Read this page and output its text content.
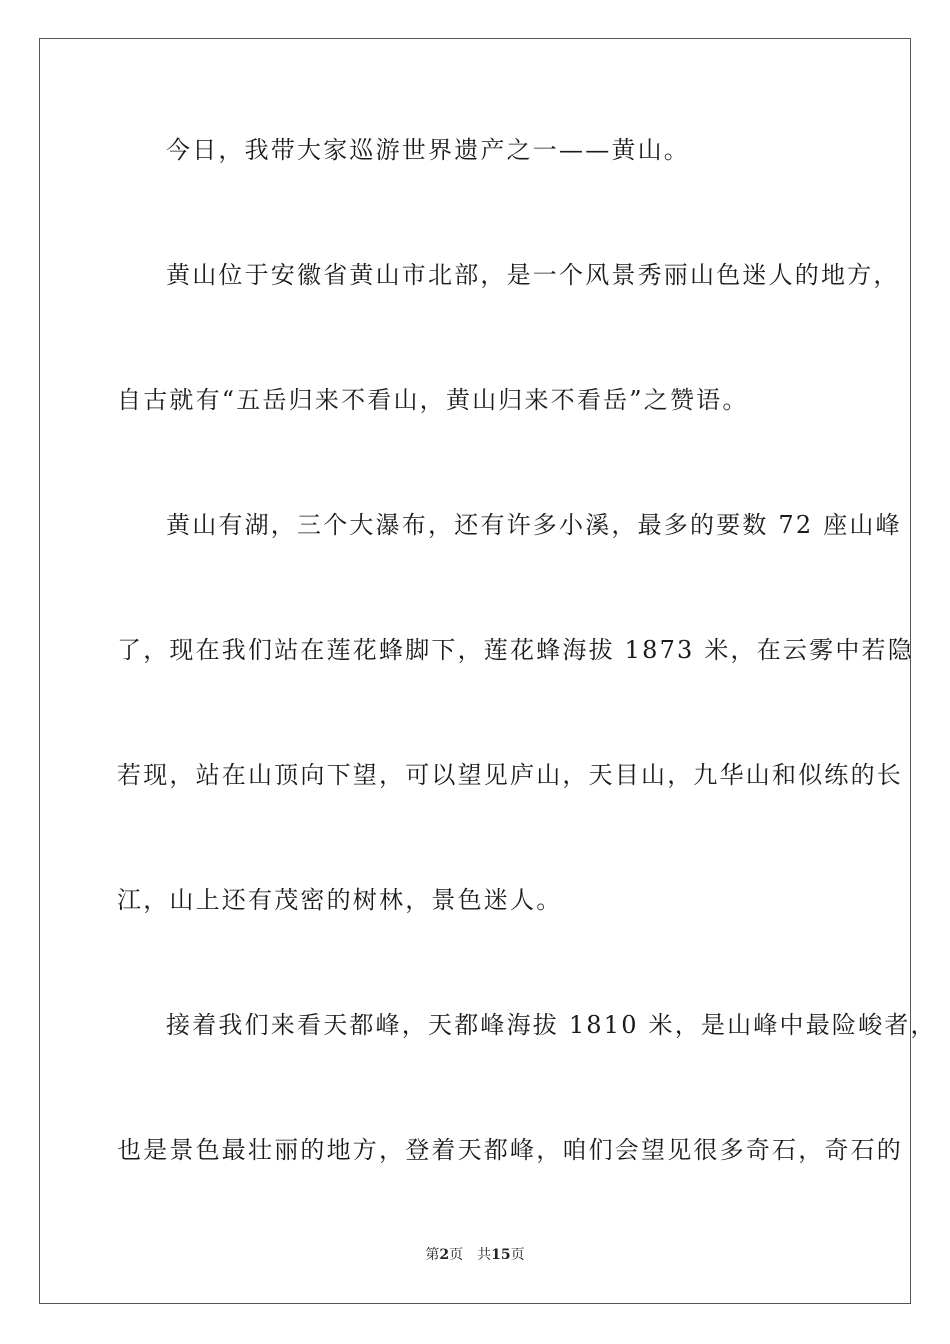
今日，我带大家巡游世界遗产之一——黄山。
黄山位于安徽省黄山市北部，是一个风景秀丽山色迷人的地方，
自古就有“五岳归来不看山，黄山归来不看岳”之赞语。
黄山有湖，三个大瀑布，还有许多小溪，最多的要数 72 座山峰
了，现在我们站在莲花蜂脚下，莲花蜂海拔 1873 米，在云雾中若隐
若现，站在山顶向下望，可以望见庐山，天目山，九华山和似练的长
江，山上还有茂密的树林，景色迷人。
接着我们来看天都峰，天都峰海拔 1810 米，是山峰中最险峻者，
也是景色最壮丽的地方，登着天都峰，咱们会望见很多奇石，奇石的
第2页 共15页
